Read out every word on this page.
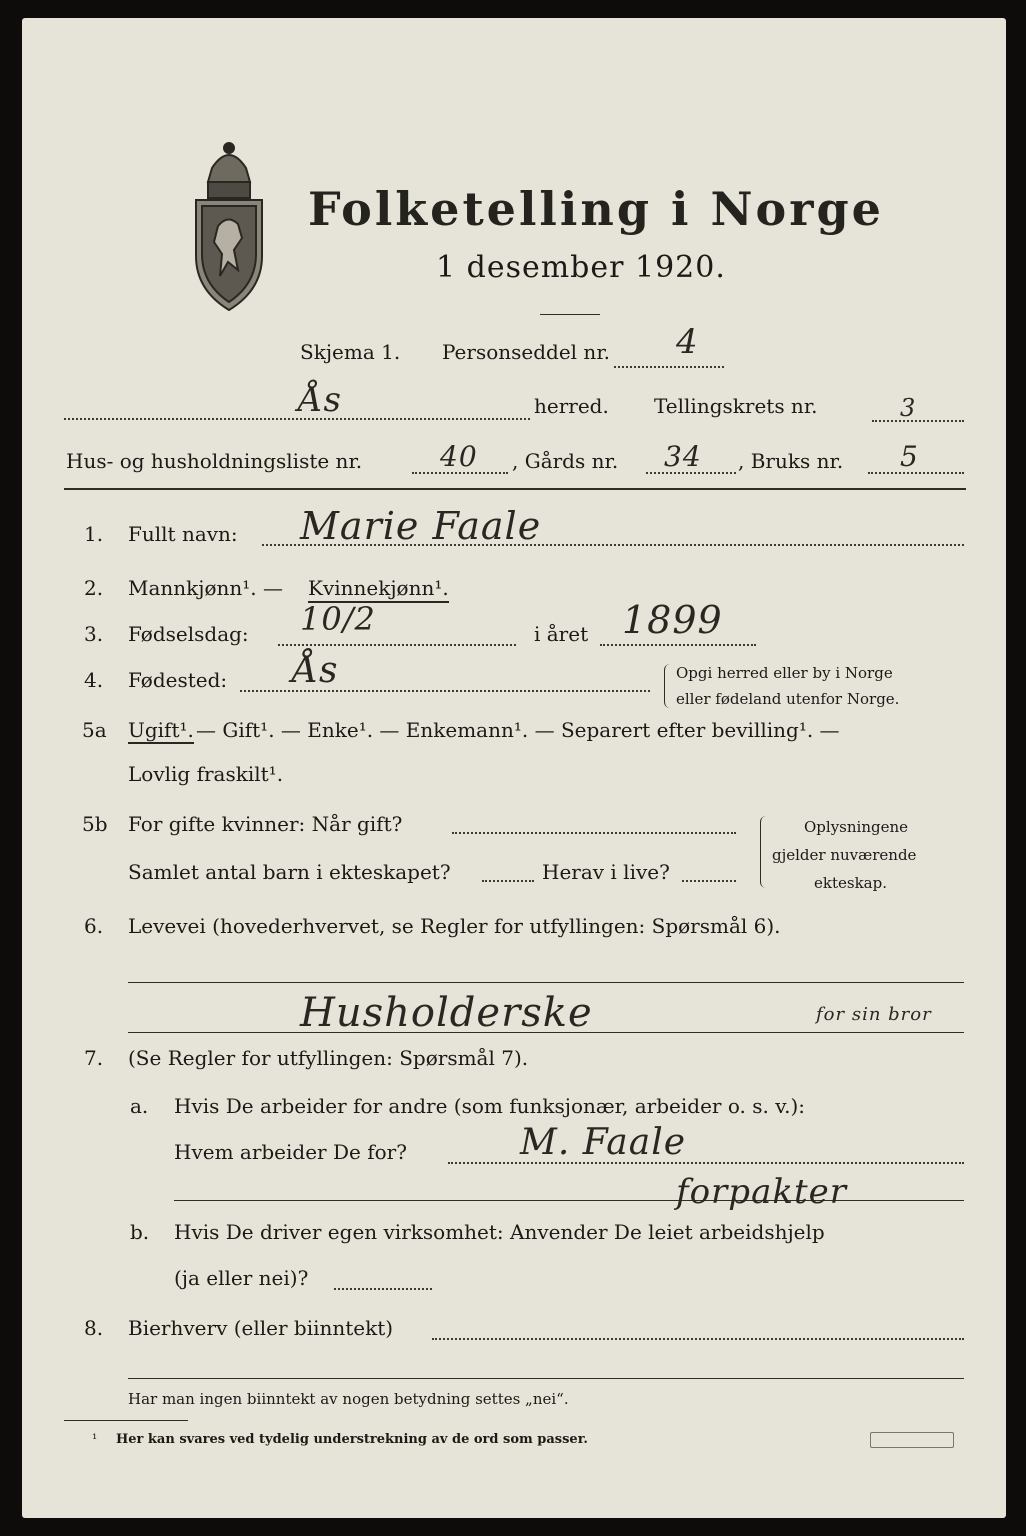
Folketelling i Norge
1 desember 1920.
Skjema 1. Personseddel nr. 4
Ås	herred. Tellingskrets nr.	3
Hus- og husholdningsliste nr.	40 , Gårds nr. 34 , Bruks nr. 5
1. Fullt navn: Marie Faale
2. Mannkjønn¹. — Kvinnekjønn¹.
3. Fødselsdag: 10/2	i året 1899
4. Fødested: Ås	Opgi herred eller by i Norge
eller fødeland utenfor Norge.
5a Ugift¹. — Gift¹. — Enke¹. — Enkemann¹. — Separert efter bevilling¹. —
Lovlig fraskilt¹.
5b For gifte kvinner: Når gift?
Samlet antal barn i ekteskapet?	Herav i live?
Oplysningene
gjelder nuværende
ekteskap.
6. Levevei (hovederhvervet, se Regler for utfyllingen: Spørsmål 6).
Husholderske	for sin bror
7. (Se Regler for utfyllingen: Spørsmål 7).
a. Hvis De arbeider for andre (som funksjonær, arbeider o. s. v.):
Hvem arbeider De for?	M. Faale
forpakter
b. Hvis De driver egen virksomhet: Anvender De leiet arbeidshjelp
(ja eller nei)?
8. Bierhverv (eller biinntekt)
Har man ingen biinntekt av nogen betydning settes „nei“.
¹ Her kan svares ved tydelig understrekning av de ord som passer.
